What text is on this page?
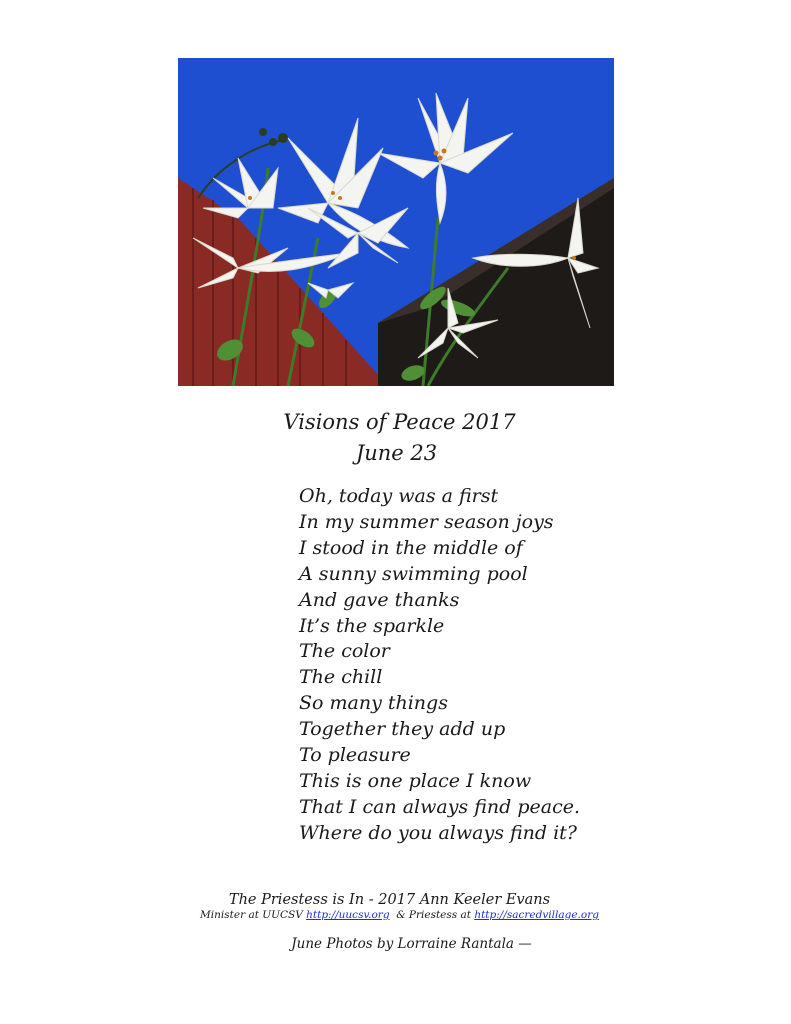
Visions of Peace 2017
June 23
Oh, today was a first
In my summer season joys
I stood in the middle of
A sunny swimming pool
And gave thanks
It’s the sparkle
The color
The chill
So many things
Together they add up
To pleasure
This is one place I know
That I can always find peace.
Where do you always find it?
The Priestess is In - 2017 Ann Keeler Evans
Minister at UUCSV http://uucsv.org  & Priestess at http://sacredvillage.org
June Photos by Lorraine Rantala —
